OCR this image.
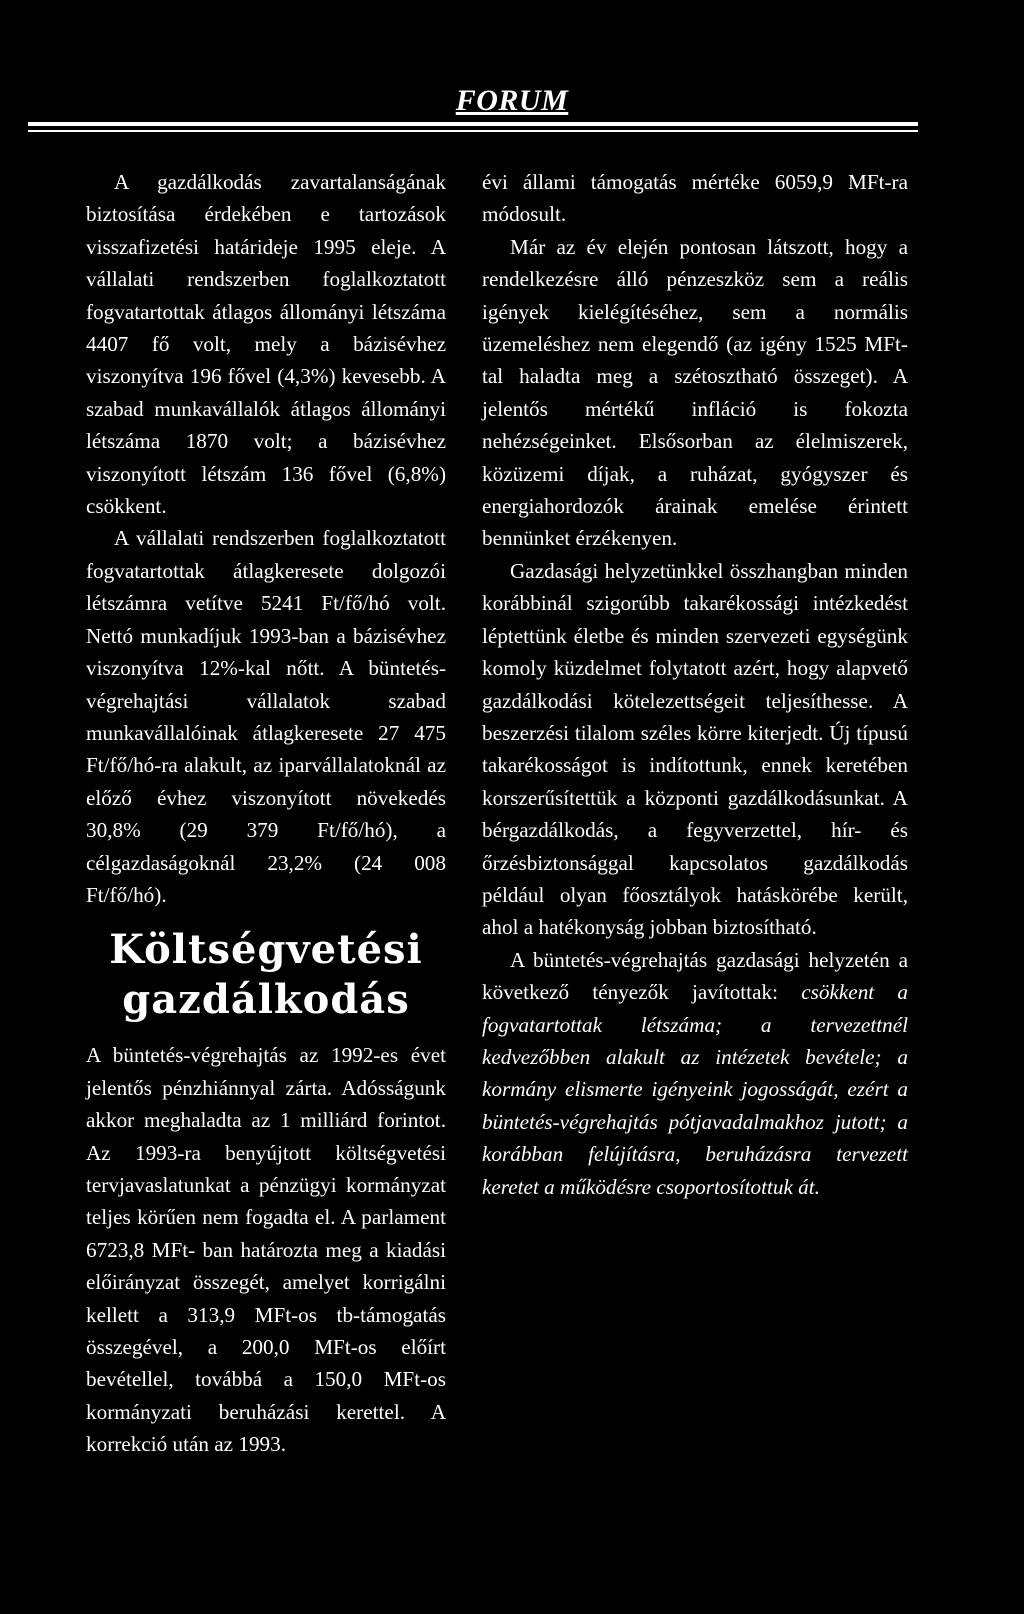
FORUM

A gazdálkodás zavartalanságának biztosítása érdekében e tartozások visszafizetési határideje 1995 eleje. A vállalati rendszerben foglalkoztatott fogvatartottak átlagos állományi létszáma 4407 fő volt, mely a bázisévhez viszonyítva 196 fővel (4,3%) kevesebb. A szabad munkavállalók átlagos állományi létszáma 1870 volt; a bázisévhez viszonyított létszám 136 fővel (6,8%) csökkent.

A vállalati rendszerben foglalkoztatott fogvatartottak átlagkeresete dolgozói létszámra vetítve 5241 Ft/fő/hó volt. Nettó munkadíjuk 1993-ban a bázisévhez viszonyítva 12%-kal nőtt. A büntetés-végrehajtási vállalatok szabad munkavállalóinak átlagkeresete 27 475 Ft/fő/hó-ra alakult, az iparvállalatoknál az előző évhez viszonyított növekedés 30,8% (29 379 Ft/fő/hó), a célgazdaságoknál 23,2% (24 008 Ft/fő/hó).

Költségvetési gazdálkodás

A büntetés-végrehajtás az 1992-es évet jelentős pénzhiánnyal zárta. Adósságunk akkor meghaladta az 1 milliárd forintot. Az 1993-ra benyújtott költségvetési tervjavaslatunkat a pénzügyi kormányzat teljes körűen nem fogadta el. A parlament 6723,8 MFt- ban határozta meg a kiadási előirányzat összegét, amelyet korrigálni kellett a 313,9 MFt-os tb-támogatás összegével, a 200,0 MFt-os előírt bevétellel, továbbá a 150,0 MFt-os kormányzati beruházási kerettel. A korrekció után az 1993.

évi állami támogatás mértéke 6059,9 MFt-ra módosult.

Már az év elején pontosan látszott, hogy a rendelkezésre álló pénzeszköz sem a reális igények kielégítéséhez, sem a normális üzemeléshez nem elegendő (az igény 1525 MFt-tal haladta meg a szétosztható összeget). A jelentős mértékű infláció is fokozta nehézségeinket. Elsősorban az élelmiszerek, közüzemi díjak, a ruházat, gyógyszer és energiahordozók árainak emelése érintett bennünket érzékenyen.

Gazdasági helyzetünkkel összhangban minden korábbinál szigorúbb takarékossági intézkedést léptettünk életbe és minden szervezeti egységünk komoly küzdelmet folytatott azért, hogy alapvető gazdálkodási kötelezettségeit teljesíthesse. A beszerzési tilalom széles körre kiterjedt. Új típusú takarékosságot is indítottunk, ennek keretében korszerűsítettük a központi gazdálkodásunkat. A bérgazdálkodás, a fegyverzettel, hír- és őrzésbiztonsággal kapcsolatos gazdálkodás például olyan főosztályok hatáskörébe került, ahol a hatékonyság jobban biztosítható.

A büntetés-végrehajtás gazdasági helyzetén a következő tényezők javítottak: csökkent a fogvatartottak létszáma; a tervezettnél kedvezőbben alakult az intézetek bevétele; a kormány elismerte igényeink jogosságát, ezért a büntetés-végrehajtás pótjavadalmakhoz jutott; a korábban felújításra, beruházásra tervezett keretet a működésre csoportosítottuk át.
